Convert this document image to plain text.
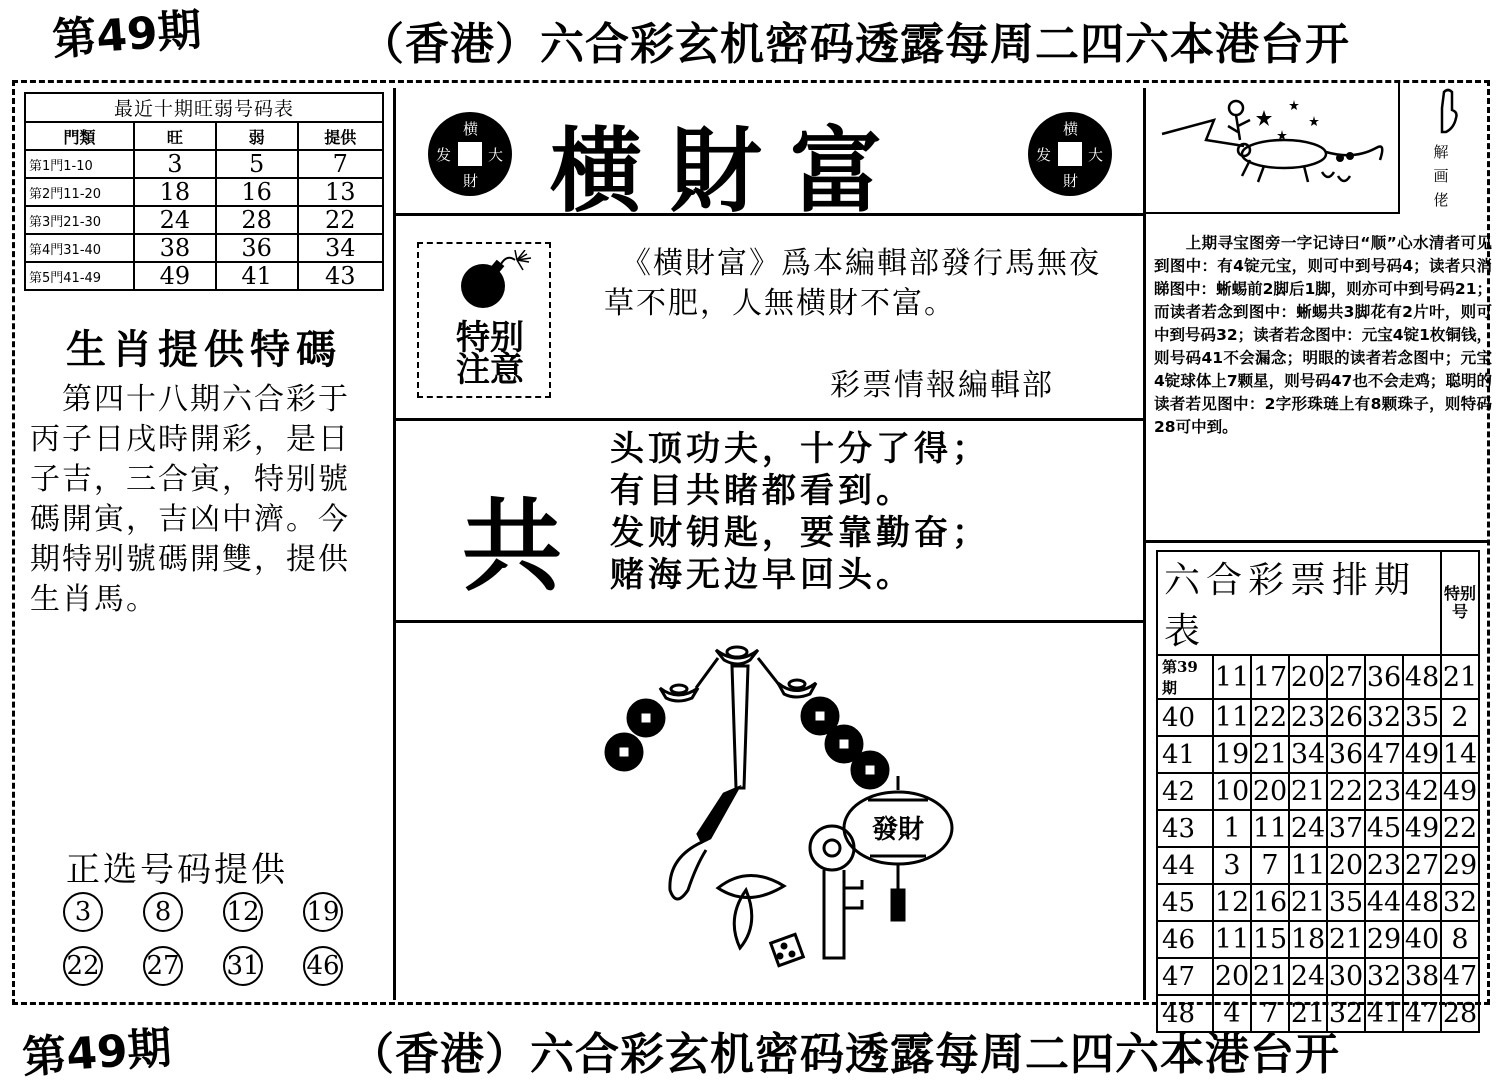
第49期	（香港）六合彩玄机密码透露每周二四六本港台开
最近十期旺弱号码表			
門類	旺	弱	提供
第1門1-10	3	5	7
第2門11-20	18	16	13
第3門21-30	24	28	22
第4門31-40	38	36	34
第5門41-49	49	41	43
生肖提供特碼
　第四十八期六合彩于丙子日戌時開彩，是日子吉，三合寅，特别號碼開寅，吉凶中濟。今期特别號碼開雙，提供生肖馬。
正选号码提供
3	8	12 19
22 27 31 46
横
大
財
发 横財富	横
大
財
发
特别
注意
　《横財富》爲本編輯部發行馬無夜草不肥，人無横財不富。
彩票情報編輯部
共
头顶功夫，十分了得；
有目共睹都看到。
发财钥匙，要靠勤奋；
赌海无边早回头。
發財
解画佬
　　上期寻宝图旁一字记诗曰“顺”心水清者可见到图中：有4锭元宝，则可中到号码4；读者只消睇图中：蜥蜴前2脚后1脚，则亦可中到号码21；而读者若念到图中：蜥蜴共3脚花有2片叶，则可中到号码32；读者若念图中：元宝4锭1枚铜钱，则号码41不会漏念；明眼的读者若念图中；元宝4锭球体上7颗星，则号码47也不会走鸡；聪明的读者若见图中：2字形珠琏上有8颗珠子，则特码28可中到。
六合彩票排期表							特别号
第39期	11	17	20	27	36	48	21
40	11	22	23	26	32	35	2
41	19	21	34	36	47	49	14
42	10	20	21	22	23	42	49
43	1	11	24	37	45	49	22
44	3	7	11	20	23	27	29
45	12	16	21	35	44	48	32
46	11	15	18	21	29	40	8
47	20	21	24	30	32	38	47
48	4	7	21	32	41	47	28
第49期	（香港）六合彩玄机密码透露每周二四六本港台开
